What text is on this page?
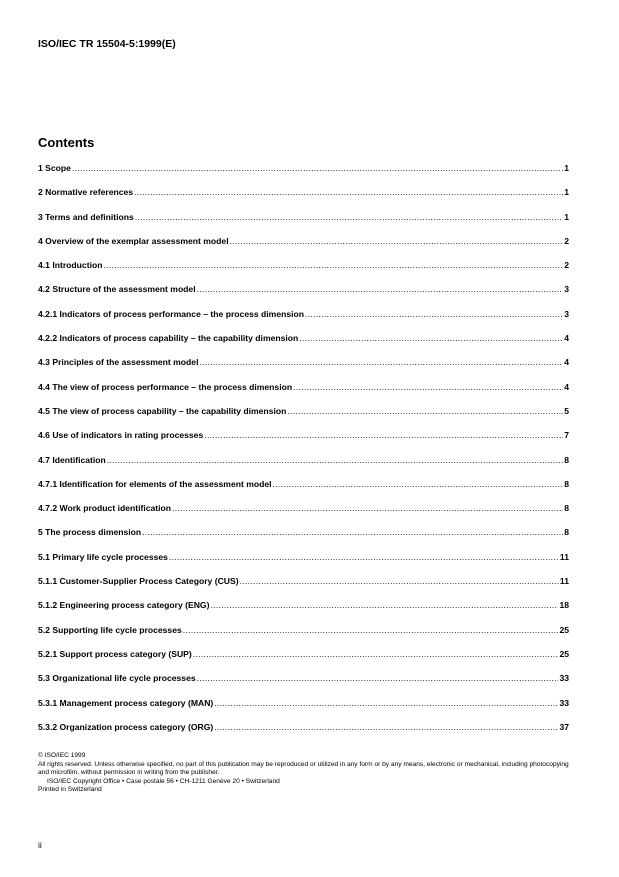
ISO/IEC TR 15504-5:1999(E)
Contents
1 Scope .....	1
2 Normative references .....	1
3 Terms and definitions .....	1
4 Overview of the exemplar assessment model .....	2
4.1 Introduction .....	2
4.2 Structure of the assessment model .....	3
4.2.1 Indicators of process performance – the process dimension .....	3
4.2.2 Indicators of process capability – the capability dimension .....	4
4.3 Principles of the assessment model .....	4
4.4 The view of process performance – the process dimension .....	4
4.5 The view of process capability – the capability dimension .....	5
4.6 Use of indicators in rating processes .....	7
4.7 Identification .....	8
4.7.1 Identification for elements of the assessment model .....	8
4.7.2 Work product identification .....	8
5 The process dimension .....	8
5.1 Primary life cycle processes .....	11
5.1.1 Customer-Supplier Process Category (CUS) .....	11
5.1.2 Engineering process category (ENG) .....	18
5.2 Supporting life cycle processes .....	25
5.2.1 Support process category (SUP) .....	25
5.3 Organizational life cycle processes .....	33
5.3.1 Management process category (MAN) .....	33
5.3.2 Organization process category (ORG) .....	37
© ISO/IEC 1999
All rights reserved. Unless otherwise specified, no part of this publication may be reproduced or utilized in any form or by any means, electronic or mechanical, including photocopying and microfilm, without permission in writing from the publisher.
ISO/IEC Copyright Office • Case postale 56 • CH-1211 Genève 20 • Switzerland
Printed in Switzerland
ii
